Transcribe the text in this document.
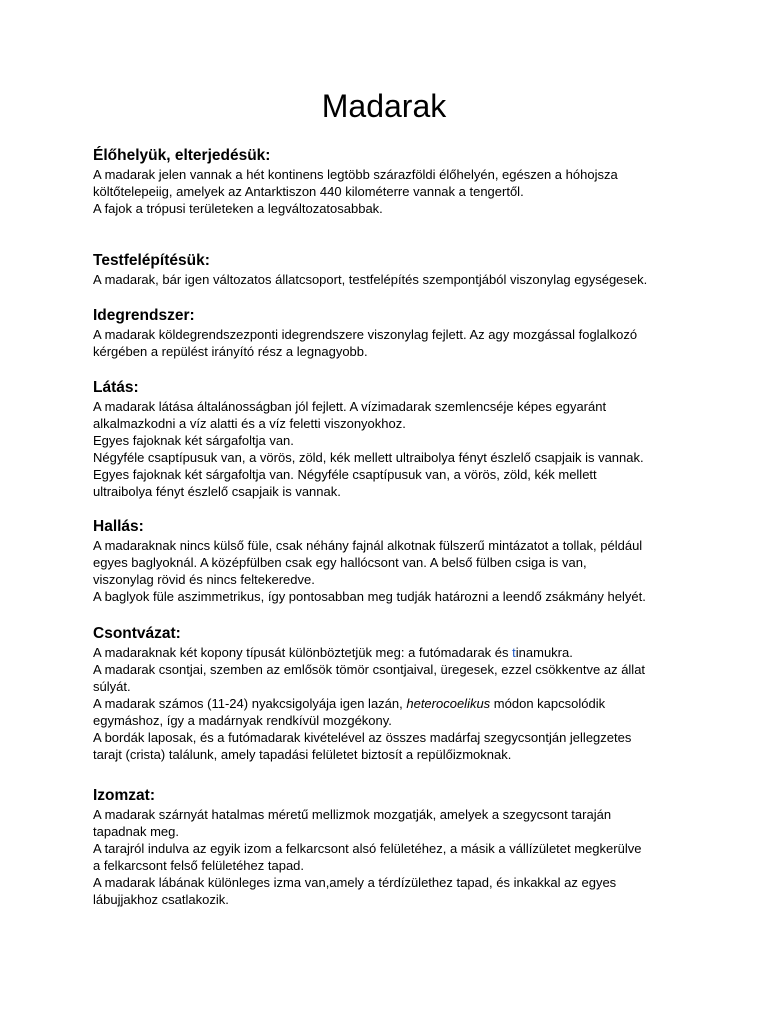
Madarak
Élőhelyük, elterjedésük:

A madarak jelen vannak a hét kontinens legtöbb szárazföldi élőhelyén, egészen a hóhojsza

költőtelepeiig, amelyek az Antarktiszon 440 kilométerre vannak a tengertől.

A fajok a trópusi területeken a legváltozatosabbak.

Testfelépítésük:

A madarak, bár igen változatos állatcsoport, testfelépítés szempontjából viszonylag egységesek.

Idegrendszer:

A madarak köldegrendszezponti idegrendszere viszonylag fejlett. Az agy mozgással foglalkozó

kérgében a repülést irányító rész a legnagyobb.

Látás:

A madarak látása általánosságban jól fejlett. A vízimadarak szemlencséje képes egyaránt

alkalmazkodni a víz alatti és a víz feletti viszonyokhoz.

Egyes fajoknak két sárgafoltja van.

Négyféle csaptípusuk van, a vörös, zöld, kék mellett ultraibolya fényt észlelő csapjaik is vannak.

Egyes fajoknak két sárgafoltja van. Négyféle csaptípusuk van, a vörös, zöld, kék mellett

ultraibolya fényt észlelő csapjaik is vannak.

Hallás:

A madaraknak nincs külső füle, csak néhány fajnál alkotnak fülszerű mintázatot a tollak, például

egyes baglyoknál. A középfülben csak egy hallócsont van. A belső fülben csiga is van,

viszonylag rövid és nincs feltekeredve.

A baglyok füle aszimmetrikus, így pontosabban meg tudják határozni a leendő zsákmány helyét.

Csontvázat:

A madaraknak két kopony típusát különböztetjük meg: a futómadarak és tinamukra.

A madarak csontjai, szemben az emlősök tömör csontjaival, üregesek, ezzel csökkentve az állat

súlyát.

A madarak számos (11-24) nyakcsigolyája igen lazán, heterocoelikus módon kapcsolódik

egymáshoz, így a madárnyak rendkívül mozgékony.

A bordák laposak, és a futómadarak kivételével az összes madárfaj szegycsontján jellegzetes

tarajt (crista) találunk, amely tapadási felületet biztosít a repülőizmoknak.

Izomzat:

A madarak szárnyát hatalmas méretű mellizmok mozgatják, amelyek a szegycsont taraján

tapadnak meg.

A tarajról indulva az egyik izom a felkarcsont alsó felületéhez, a másik a vállízületet megkerülve

a felkarcsont felső felületéhez tapad.

A madarak lábának különleges izma van,amely a térdízülethez tapad, és inkakkal az egyes

lábujjakhoz csatlakozik.
